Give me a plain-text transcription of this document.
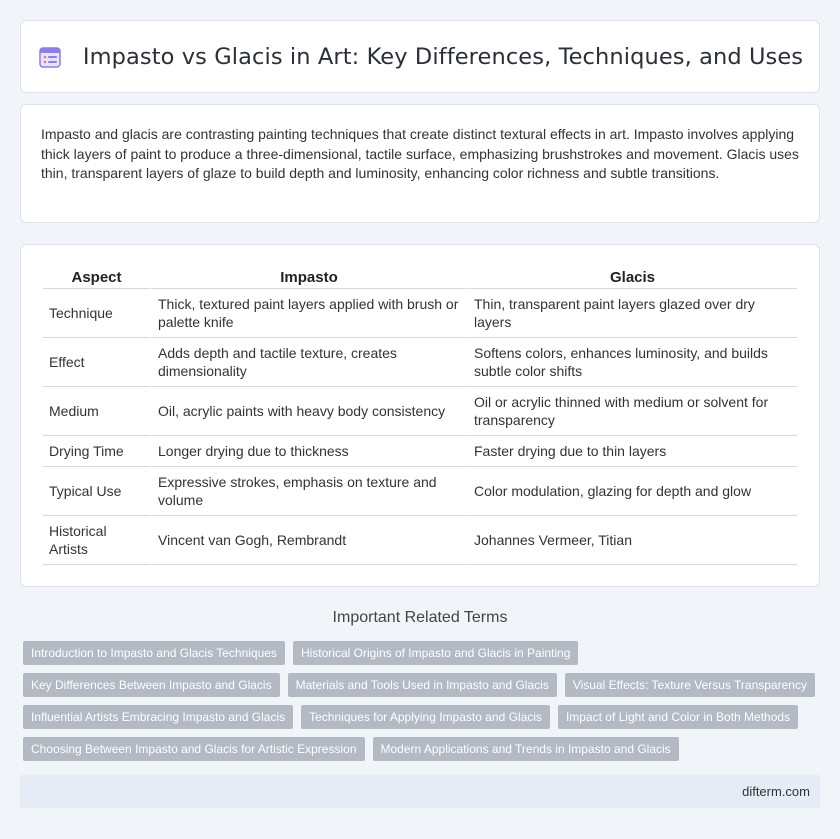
Impasto vs Glacis in Art: Key Differences, Techniques, and Uses

Impasto and glacis are contrasting painting techniques that create distinct textural effects in art. Impasto involves applying thick layers of paint to produce a three-dimensional, tactile surface, emphasizing brushstrokes and movement. Glacis uses thin, transparent layers of glaze to build depth and luminosity, enhancing color richness and subtle transitions.

Aspect	Impasto	Glacis
Technique	Thick, textured paint layers applied with brush or palette knife	Thin, transparent paint layers glazed over dry layers
Effect	Adds depth and tactile texture, creates dimensionality	Softens colors, enhances luminosity, and builds subtle color shifts
Medium	Oil, acrylic paints with heavy body consistency	Oil or acrylic thinned with medium or solvent for transparency
Drying Time	Longer drying due to thickness	Faster drying due to thin layers
Typical Use	Expressive strokes, emphasis on texture and volume	Color modulation, glazing for depth and glow
Historical Artists	Vincent van Gogh, Rembrandt	Johannes Vermeer, Titian
Important Related Terms
Introduction to Impasto and Glacis Techniques	Historical Origins of Impasto and Glacis in Painting
Key Differences Between Impasto and Glacis	Materials and Tools Used in Impasto and Glacis	Visual Effects: Texture Versus Transparency
Influential Artists Embracing Impasto and Glacis	Techniques for Applying Impasto and Glacis	Impact of Light and Color in Both Methods
Choosing Between Impasto and Glacis for Artistic Expression	Modern Applications and Trends in Impasto and Glacis
difterm.com
